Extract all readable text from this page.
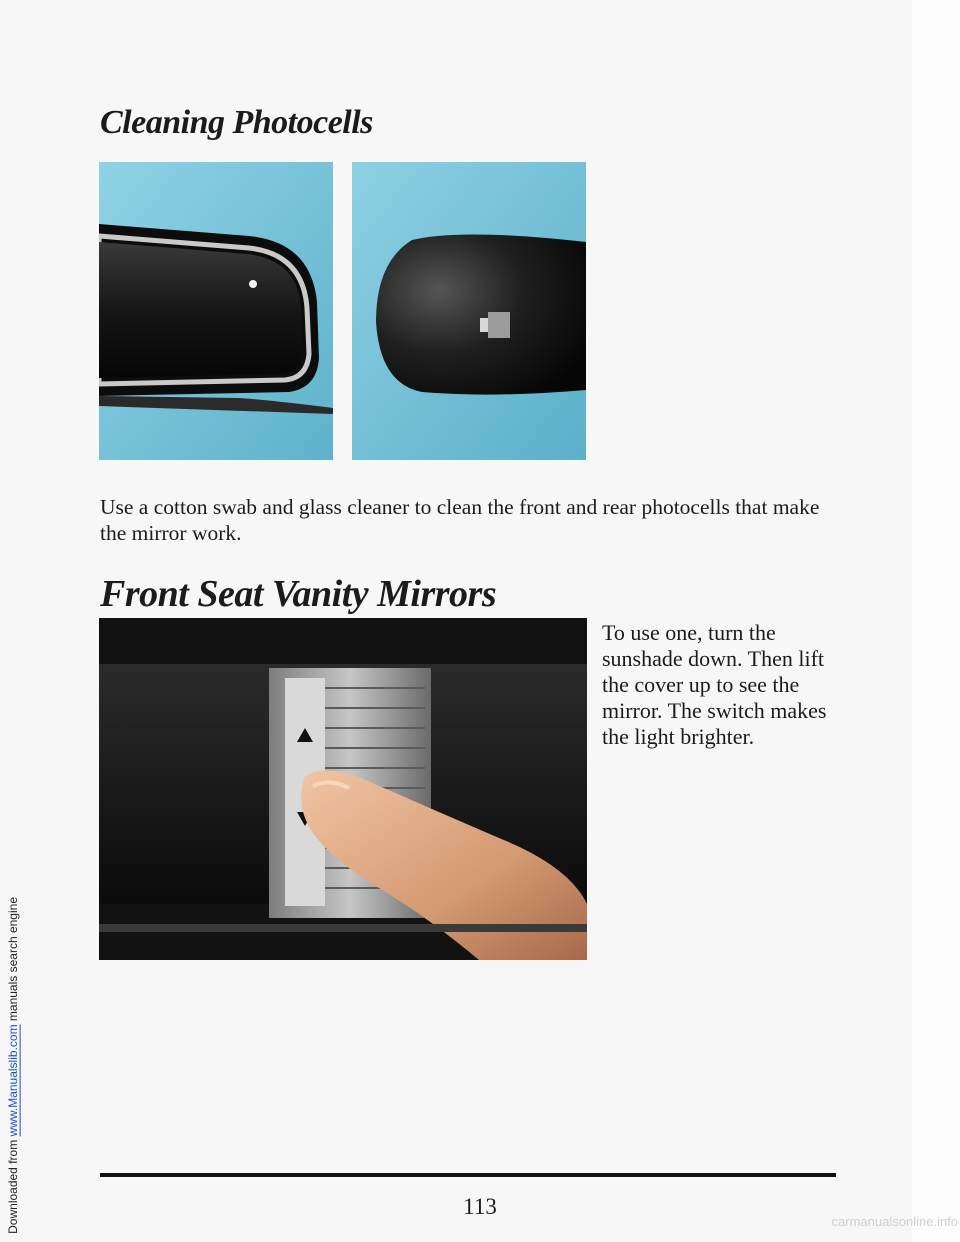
Downloaded from www.Manualslib.com manuals search engine
Cleaning Photocells

Use a cotton swab and glass cleaner to clean the front and rear photocells that make the mirror work.

Front Seat Vanity Mirrors

To use one, turn the sunshade down. Then lift the cover up to see the mirror. The switch makes the light brighter.

113

carmanualsonline.info
